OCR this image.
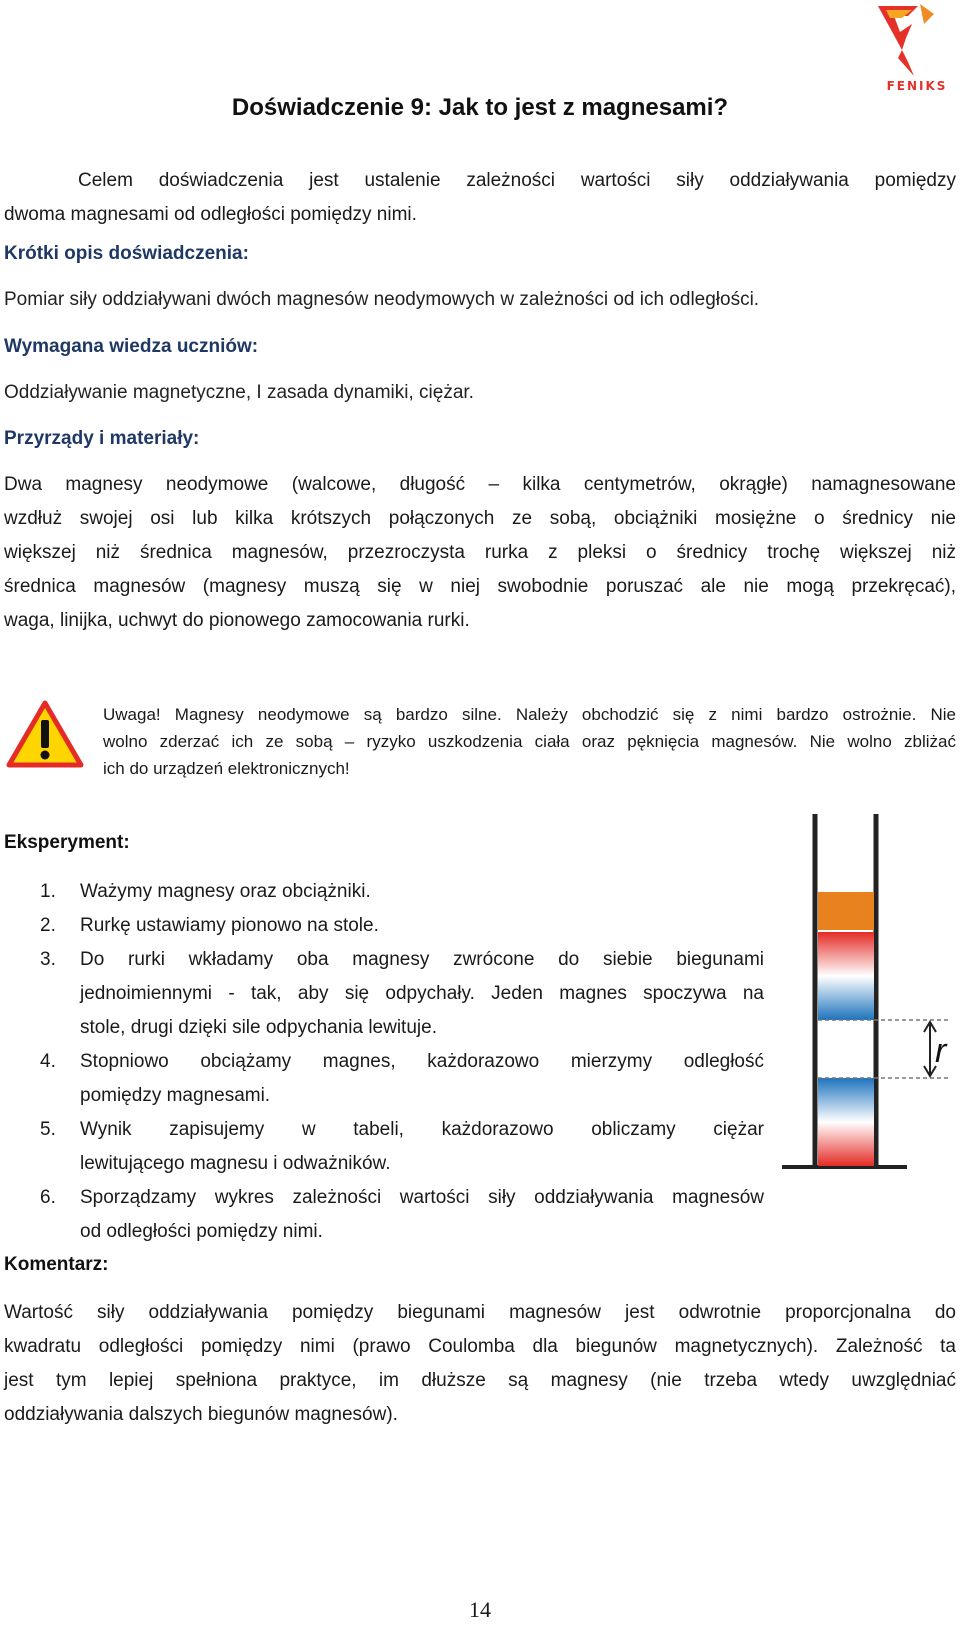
FENIKS
Doświadczenie 9: Jak to jest z magnesami?
Celem doświadczenia jest ustalenie zależności wartości siły oddziaływania pomiędzy
dwoma magnesami od odległości pomiędzy nimi.
Krótki opis doświadczenia:
Pomiar siły oddziaływani dwóch magnesów neodymowych w zależności od ich odległości.
Wymagana wiedza uczniów:
Oddziaływanie magnetyczne, I zasada dynamiki, ciężar.
Przyrządy i materiały:
Dwa magnesy neodymowe (walcowe, długość – kilka centymetrów, okrągłe) namagnesowane
wzdłuż swojej osi lub kilka krótszych połączonych ze sobą, obciążniki mosiężne o średnicy nie
większej niż średnica magnesów, przezroczysta rurka z pleksi o średnicy trochę większej niż
średnica magnesów (magnesy muszą się w niej swobodnie poruszać ale nie mogą przekręcać),
waga, linijka, uchwyt do pionowego zamocowania rurki.
Uwaga! Magnesy neodymowe są bardzo silne. Należy obchodzić się z nimi bardzo ostrożnie. Nie
wolno zderzać ich ze sobą – ryzyko uszkodzenia ciała oraz pęknięcia magnesów. Nie wolno zbliżać
ich do urządzeń elektronicznych!
Eksperyment:
1. Ważymy magnesy oraz obciążniki.
2. Rurkę ustawiamy pionowo na stole.
3. Do rurki wkładamy oba magnesy zwrócone do siebie biegunami
jednoimiennymi - tak, aby się odpychały. Jeden magnes spoczywa na
stole, drugi dzięki sile odpychania lewituje.
4. Stopniowo obciążamy magnes, każdorazowo mierzymy odległość
pomiędzy magnesami.
5. Wynik zapisujemy w tabeli, każdorazowo obliczamy ciężar
lewitującego magnesu i odważników.
6. Sporządzamy wykres zależności wartości siły oddziaływania magnesów
od odległości pomiędzy nimi.
r
Komentarz:
Wartość siły oddziaływania pomiędzy biegunami magnesów jest odwrotnie proporcjonalna do
kwadratu odległości pomiędzy nimi (prawo Coulomba dla biegunów magnetycznych). Zależność ta
jest tym lepiej spełniona praktyce, im dłuższe są magnesy (nie trzeba wtedy uwzględniać
oddziaływania dalszych biegunów magnesów).
14
